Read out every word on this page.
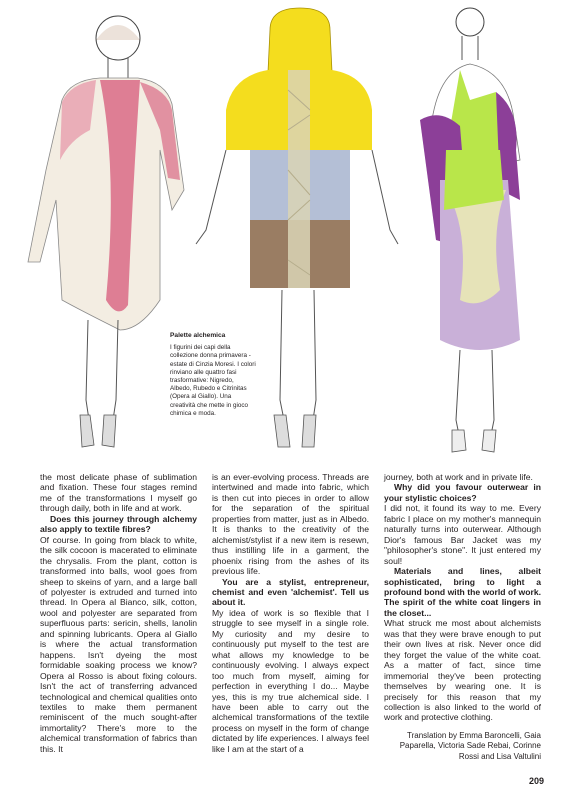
Palette alchemica
I figurini dei capi della collezione donna primavera - estate di Cinzia Moresi. I colori rinviano alle quattro fasi trasformative: Nigredo, Albedo, Rubedo e Citrinitas (Opera al Giallo). Una creatività che mette in gioco chimica e moda.

the most delicate phase of sublimation and fixation. These four stages remind me of the transformations I myself go through daily, both in life and at work.

Does this journey through alchemy also apply to textile fibres?

Of course. In going from black to white, the silk cocoon is macerated to eliminate the chrysalis. From the plant, cotton is transformed into balls, wool goes from sheep to skeins of yarn, and a large ball of polyester is extruded and turned into thread. In Opera al Bianco, silk, cotton, wool and polyester are separated from superfluous parts: sericin, shells, lanolin and spinning lubricants. Opera al Giallo is where the actual transformation happens. Isn't dyeing the most formidable soaking process we know? Opera al Rosso is about fixing colours. Isn't the act of transferring advanced technological and chemical qualities onto textiles to make them permanent reminiscent of the much sought-after immortality? There's more to the alchemical transformation of fabrics than this. It

is an ever-evolving process. Threads are intertwined and made into fabric, which is then cut into pieces in order to allow for the separation of the spiritual properties from matter, just as in Albedo. It is thanks to the creativity of the alchemist/stylist if a new item is resewn, thus instilling life in a garment, the phoenix rising from the ashes of its previous life.

You are a stylist, entrepreneur, chemist and even 'alchemist'. Tell us about it.

My idea of work is so flexible that I struggle to see myself in a single role. My curiosity and my desire to continuously put myself to the test are what allows my knowledge to be continuously evolving. I always expect too much from myself, aiming for perfection in everything I do... Maybe yes, this is my true alchemical side. I have been able to carry out the alchemical transformations of the textile process on myself in the form of change dictated by life experiences. I always feel like I am at the start of a

journey, both at work and in private life.

Why did you favour outerwear in your stylistic choices?

I did not, it found its way to me. Every fabric I place on my mother's mannequin naturally turns into outerwear. Although Dior's famous Bar Jacket was my "philosopher's stone". It just entered my soul!

Materials and lines, albeit sophisticated, bring to light a profound bond with the world of work. The spirit of the white coat lingers in the closet...

What struck me most about alchemists was that they were brave enough to put their own lives at risk. Never once did they forget the value of the white coat. As a matter of fact, since time immemorial they've been protecting themselves by wearing one. It is precisely for this reason that my collection is also linked to the world of work and protective clothing.

Translation by Emma Baroncelli, Gaia Paparella, Victoria Sade Rebai, Corinne Rossi and Lisa Valtulini

209
